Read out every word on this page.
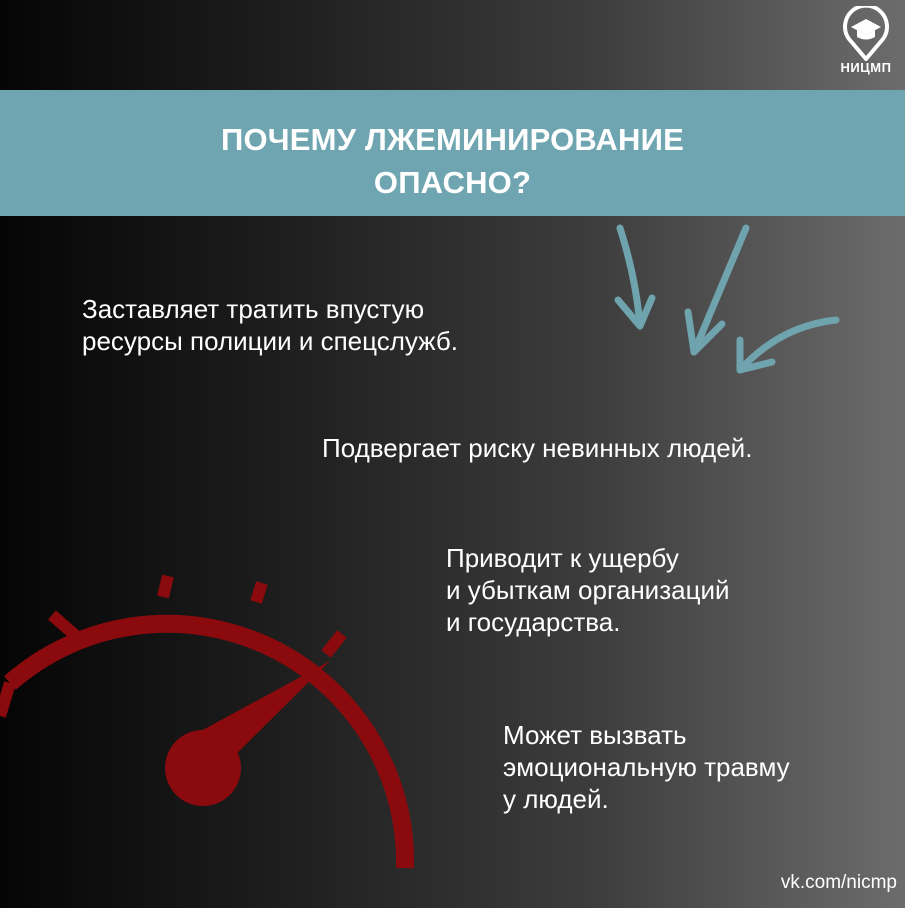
НИЦМП
ПОЧЕМУ ЛЖЕМИНИРОВАНИЕ
ОПАСНО?
Заставляет тратить впустую
ресурсы полиции и спецслужб.
Подвергает риску невинных людей.
Приводит к ущербу
и убыткам организаций
и государства.
Может вызвать
эмоциональную травму
у людей.
vk.com/nicmp
